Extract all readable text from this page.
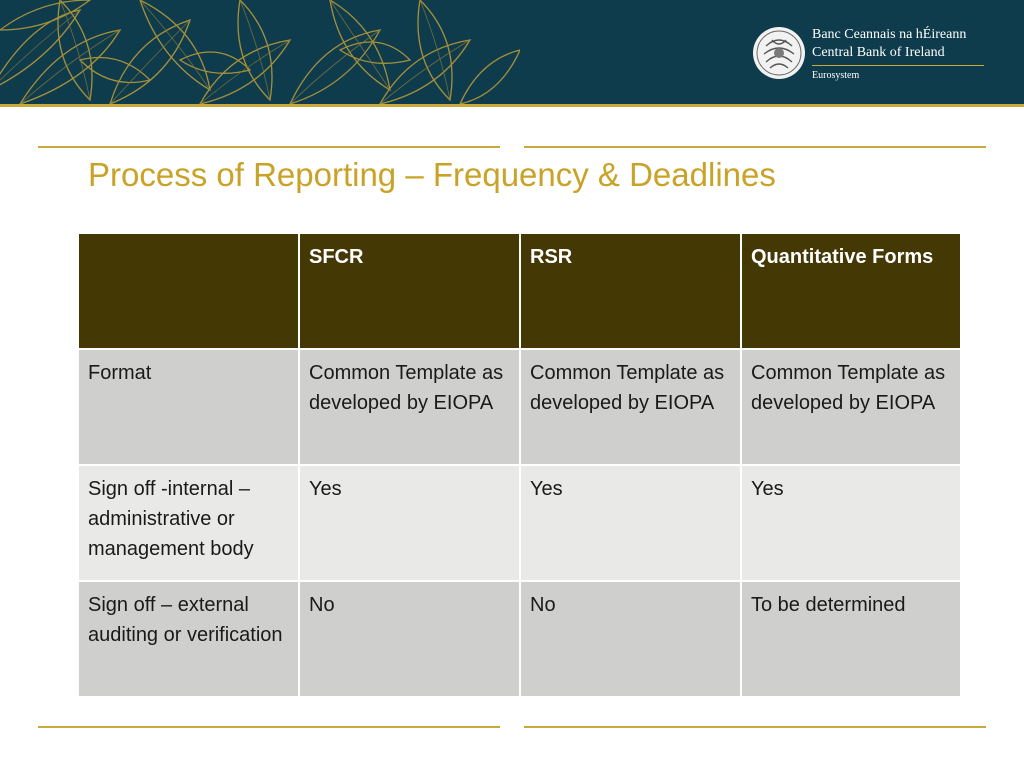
Banc Ceannais na hÉireann
Central Bank of Ireland
Eurosystem
Process of Reporting – Frequency & Deadlines
	SFCR	RSR	Quantitative Forms
Format	Common Template as developed by EIOPA	Common Template as developed by EIOPA	Common Template as developed by EIOPA
Sign off -internal – administrative or management body	Yes	Yes	Yes
Sign off – external auditing or verification	No	No	To be determined
